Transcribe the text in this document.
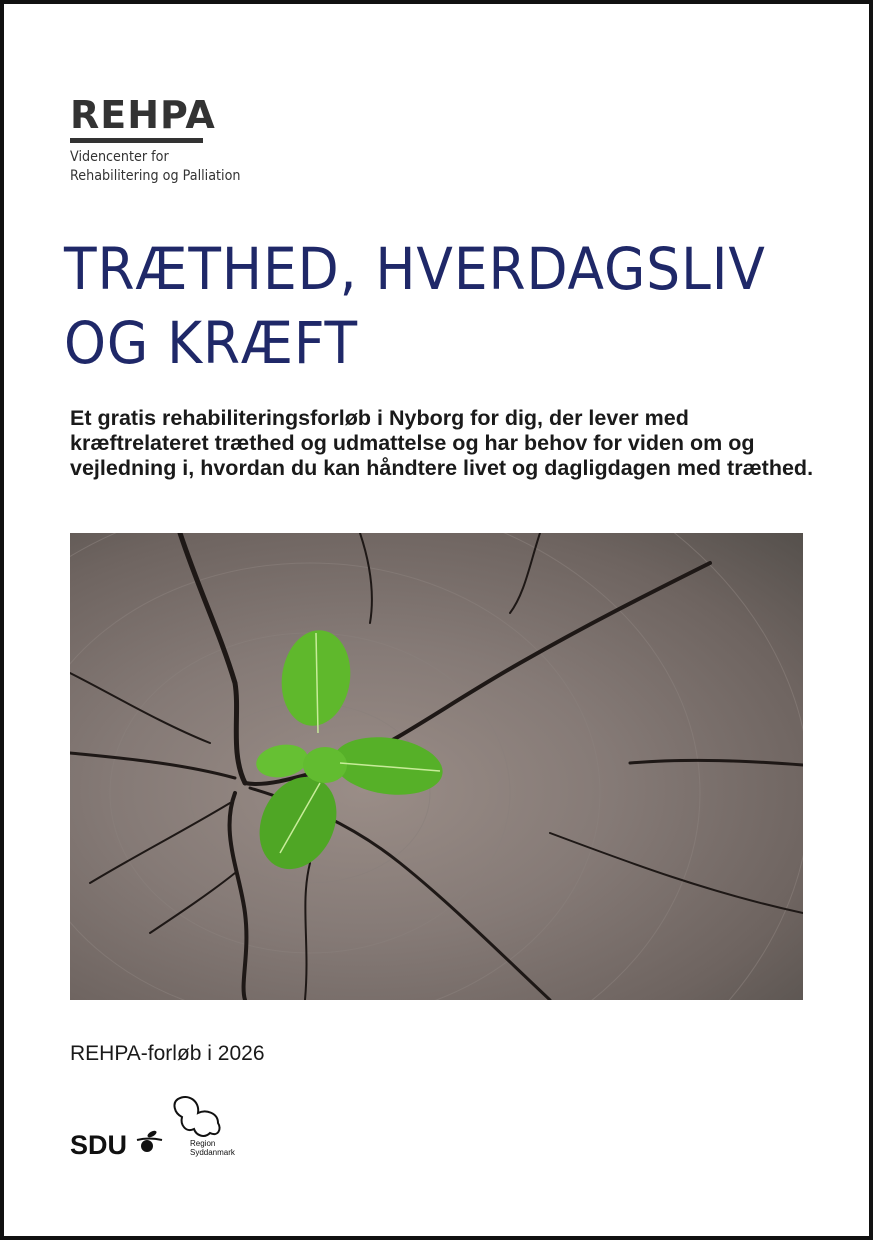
REHPA
Videncenter for
Rehabilitering og Palliation
TRÆTHED, HVERDAGSLIV
OG KRÆFT
Et gratis rehabiliteringsforløb i Nyborg for dig, der lever med kræftrelateret træthed og udmattelse og har behov for viden om og vejledning i, hvordan du kan håndtere livet og dagligdagen med træthed.
REHPA-forløb i 2026
SDU	Region
Syddanmark
